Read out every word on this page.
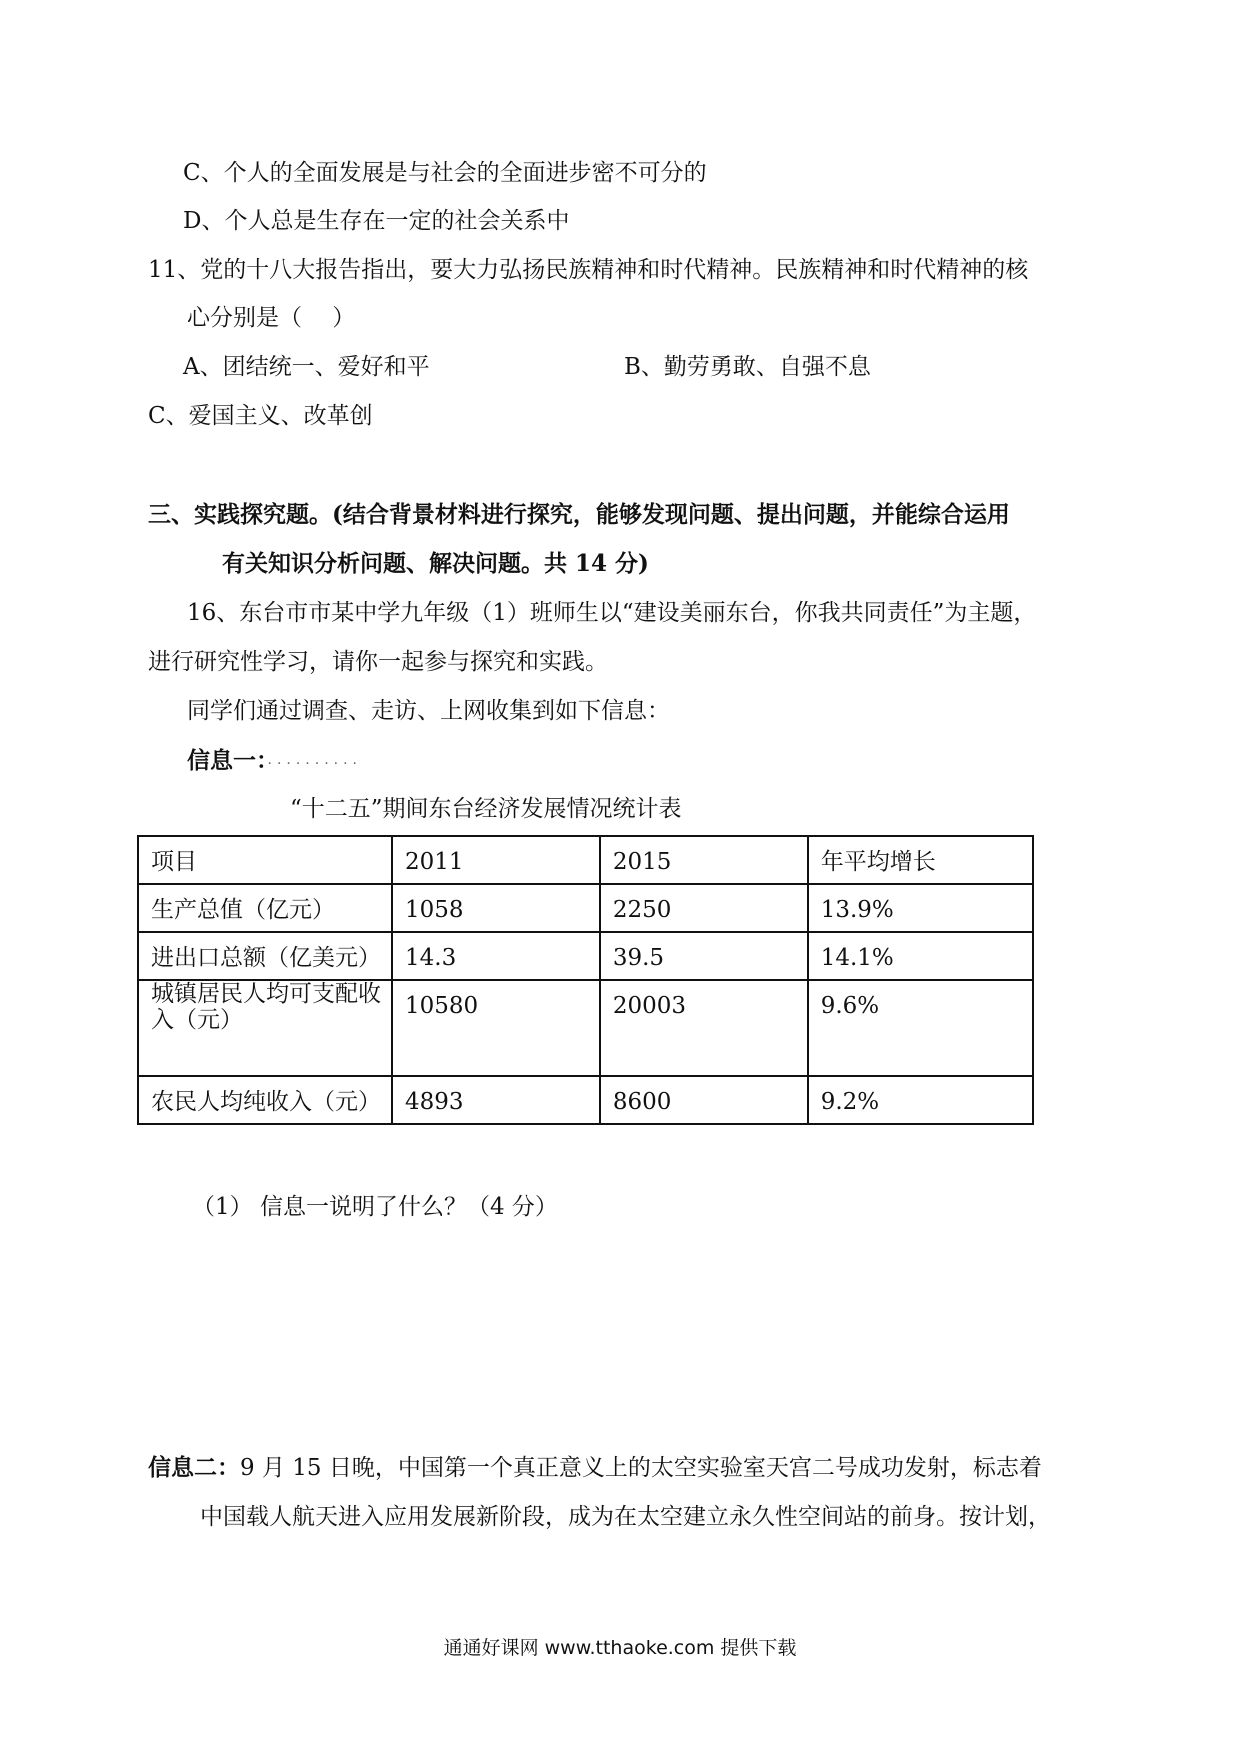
C、个人的全面发展是与社会的全面进步密不可分的
D、个人总是生存在一定的社会关系中
11、党的十八大报告指出，要大力弘扬民族精神和时代精神。民族精神和时代精神的核
心分别是（　 ）
A、团结统一、爱好和平	B、勤劳勇敢、自强不息
C、爱国主义、改革创
三、实践探究题。(结合背景材料进行探究，能够发现问题、提出问题，并能综合运用
有关知识分析问题、解决问题。共 14 分)
16、东台市市某中学九年级（1）班师生以“建设美丽东台，你我共同责任”为主题，
进行研究性学习，请你一起参与探究和实践。
同学们通过调查、走访、上网收集到如下信息：
信息一：··········
“十二五”期间东台经济发展情况统计表
项目	2011	2015	年平均增长
生产总值（亿元）	1058	2250	13.9%
进出口总额（亿美元）	14.3	39.5	14.1%
城镇居民人均可支配收入（元）	10580	20003	9.6%
农民人均纯收入（元）	4893	8600	9.2%
（1） 信息一说明了什么？（4 分）
信息二：9 月 15 日晚，中国第一个真正意义上的太空实验室天宫二号成功发射，标志着
中国载人航天进入应用发展新阶段，成为在太空建立永久性空间站的前身。按计划，
通通好课网 www.tthaoke.com 提供下载
